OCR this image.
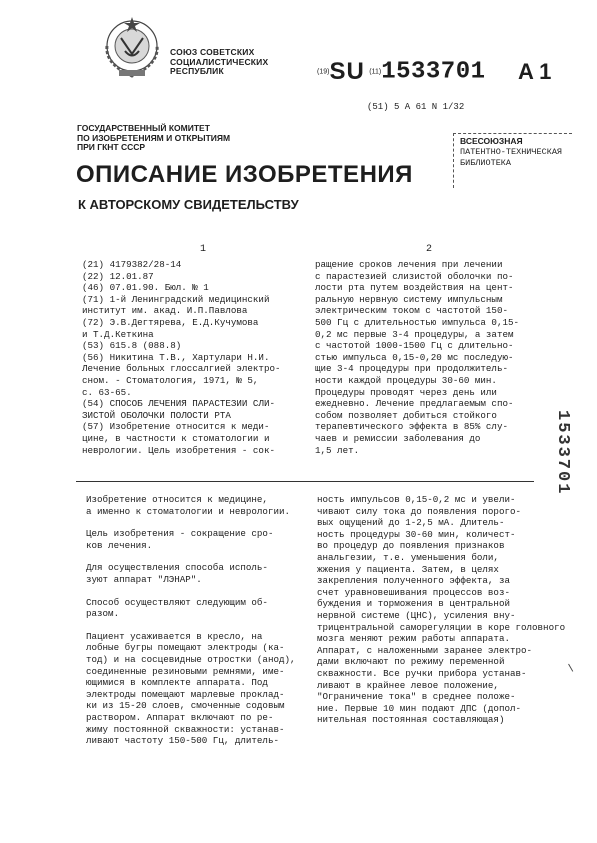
СОЮЗ СОВЕТСКИХ
СОЦИАЛИСТИЧЕСКИХ
РЕСПУБЛИК	(19)SU (11)1533701 A 1
(51) 5 А 61 N 1/32
ГОСУДАРСТВЕННЫЙ КОМИТЕТ
ПО ИЗОБРЕТЕНИЯМ И ОТКРЫТИЯМ
ПРИ ГКНТ СССР
ВСЕСОЮЗНАЯ
ПАТЕНТНО-ТЕХНИЧЕСКАЯ
БИБЛИОТЕКА
ОПИСАНИЕ ИЗОБРЕТЕНИЯ
К АВТОРСКОМУ СВИДЕТЕЛЬСТВУ
1	2
(21) 4179382/28-14
(22) 12.01.87
(46) 07.01.90. Бюл. № 1
(71) 1-й Ленинградский медицинский
институт им. акад. И.П.Павлова
(72) Э.В.Дегтярева, Е.Д.Кучумова
и Т.Д.Кеткина
(53) 615.8 (088.8)
(56) Никитина Т.В., Хартулари Н.И.
Лечение больных глоссалгией электро-
сном. - Стоматология, 1971, № 5,
с. 63-65.
(54) СПОСОБ ЛЕЧЕНИЯ ПАРАСТЕЗИИ СЛИ-
ЗИСТОЙ ОБОЛОЧКИ ПОЛОСТИ РТА
(57) Изобретение относится к меди-
цине, в частности к стоматологии и
неврологии. Цель изобретения - сок-
ращение сроков лечения при лечении
с парастезией слизистой оболочки по-
лости рта путем воздействия на цент-
ральную нервную систему импульсным
электрическим током с частотой 150-
500 Гц с длительностью импульса 0,15-
0,2 мс первые 3-4 процедуры, а затем
с частотой 1000-1500 Гц с длительно-
стью импульса 0,15-0,20 мс последую-
щие 3-4 процедуры при продолжитель-
ности каждой процедуры 30-60 мин.
Процедуры проводят через день или
ежедневно. Лечение предлагаемым спо-
собом позволяет добиться стойкого
терапевтического эффекта в 85% слу-
чаев и ремиссии заболевания до
1,5 лет.
Изобретение относится к медицине,
а именно к стоматологии и неврологии.
Цель изобретения - сокращение сро-
ков лечения.
Для осуществления способа исполь-
зуют аппарат "ЛЭНАР".
Способ осуществляют следующим об-
разом.
Пациент усаживается в кресло, на
лобные бугры помещают электроды (ка-
тод) и на сосцевидные отростки (анод),
соединенные резиновыми ремнями, име-
ющимися в комплекте аппарата. Под
электроды помещают марлевые проклад-
ки из 15-20 слоев, смоченные содовым
раствором. Аппарат включают по ре-
жиму постоянной скважности: устанав-
ливают частоту 150-500 Гц, длитель-
ность импульсов 0,15-0,2 мс и увели-
чивают силу тока до появления порого-
вых ощущений до 1-2,5 мА. Длитель-
ность процедуры 30-60 мин, количест-
во процедур до появления признаков
анальгезии, т.е. уменьшения боли,
жжения у пациента. Затем, в целях
закрепления полученного эффекта, за
счет уравновешивания процессов воз-
буждения и торможения в центральной
нервной системе (ЦНС), усиления вну-
трицентральной саморегуляции в коре головного
мозга меняют режим работы аппарата.
Аппарат, с наложенными заранее электро-
дами включают по режиму переменной
скважности. Все ручки прибора устанав-
ливают в крайнее левое положение,
"Ограничение тока" в среднее положе-
ние. Первые 10 мин подают ДПС (допол-
нительная постоянная составляющая)
1533701
—
